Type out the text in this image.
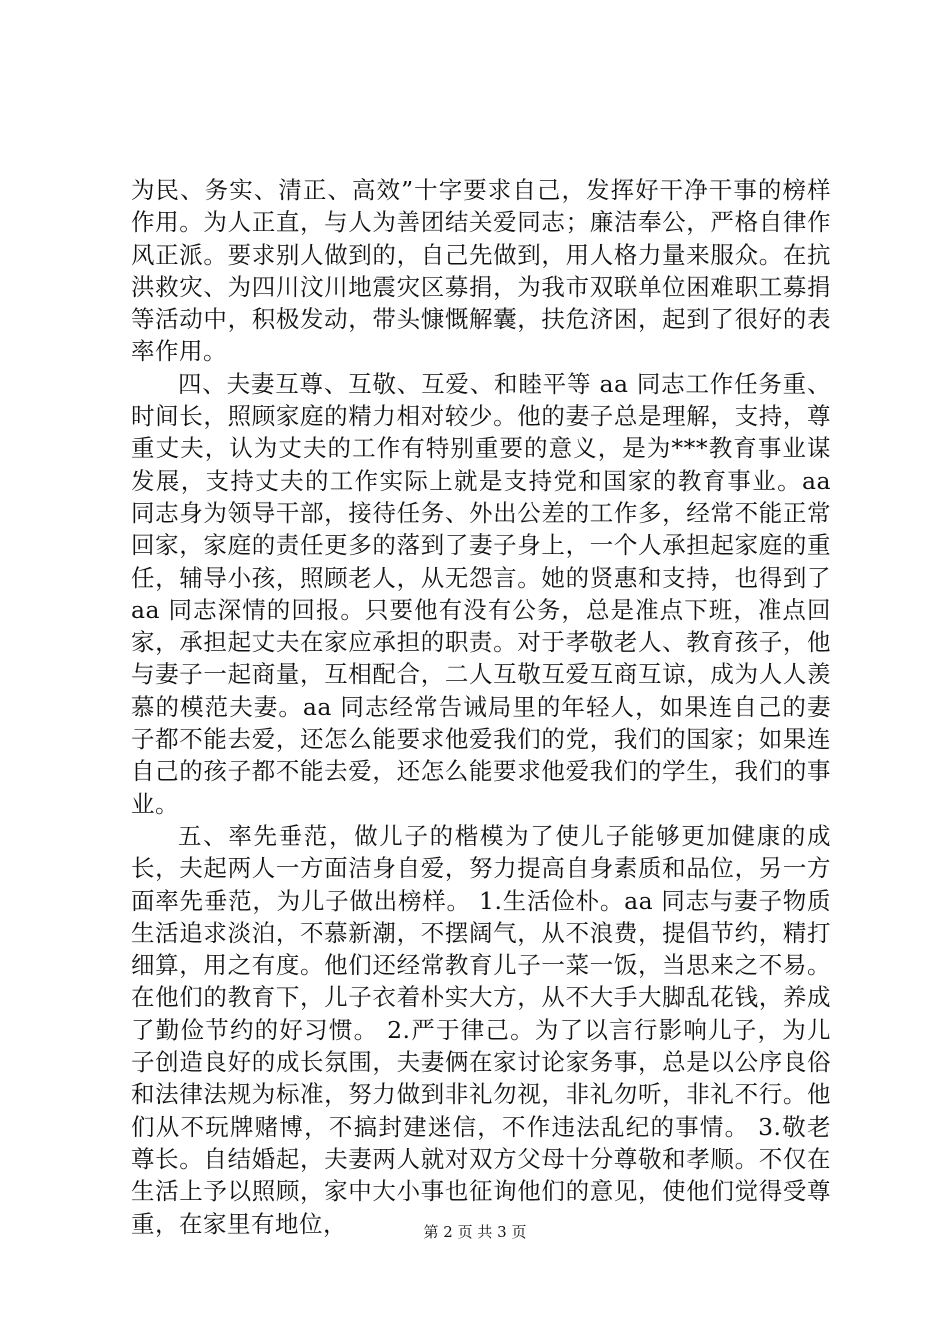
为民、务实、清正、高效”十字要求自己，发挥好干净干事的榜样作用。为人正直，与人为善团结关爱同志；廉洁奉公，严格自律作风正派。要求别人做到的，自己先做到，用人格力量来服众。在抗洪救灾、为四川汶川地震灾区募捐，为我市双联单位困难职工募捐等活动中，积极发动，带头慷慨解囊，扶危济困，起到了很好的表率作用。

四、夫妻互尊、互敬、互爱、和睦平等 aa 同志工作任务重、时间长，照顾家庭的精力相对较少。他的妻子总是理解，支持，尊重丈夫，认为丈夫的工作有特别重要的意义，是为***教育事业谋发展，支持丈夫的工作实际上就是支持党和国家的教育事业。aa 同志身为领导干部，接待任务、外出公差的工作多，经常不能正常回家，家庭的责任更多的落到了妻子身上，一个人承担起家庭的重任，辅导小孩，照顾老人，从无怨言。她的贤惠和支持，也得到了 aa 同志深情的回报。只要他有没有公务，总是准点下班，准点回家，承担起丈夫在家应承担的职责。对于孝敬老人、教育孩子，他与妻子一起商量，互相配合，二人互敬互爱互商互谅，成为人人羡慕的模范夫妻。aa 同志经常告诫局里的年轻人，如果连自己的妻子都不能去爱，还怎么能要求他爱我们的党，我们的国家；如果连自己的孩子都不能去爱，还怎么能要求他爱我们的学生，我们的事业。

五、率先垂范，做儿子的楷模为了使儿子能够更加健康的成长，夫起两人一方面洁身自爱，努力提高自身素质和品位，另一方面率先垂范，为儿子做出榜样。 1.生活俭朴。aa 同志与妻子物质生活追求淡泊，不慕新潮，不摆阔气，从不浪费，提倡节约，精打细算，用之有度。他们还经常教育儿子一菜一饭，当思来之不易。在他们的教育下，儿子衣着朴实大方，从不大手大脚乱花钱，养成了勤俭节约的好习惯。 2.严于律己。为了以言行影响儿子，为儿子创造良好的成长氛围，夫妻俩在家讨论家务事，总是以公序良俗和法律法规为标准，努力做到非礼勿视，非礼勿听，非礼不行。他们从不玩牌赌博，不搞封建迷信，不作违法乱纪的事情。 3.敬老尊长。自结婚起，夫妻两人就对双方父母十分尊敬和孝顺。不仅在生活上予以照顾，家中大小事也征询他们的意见，使他们觉得受尊重，在家里有地位，	第 2 页 共 3 页
